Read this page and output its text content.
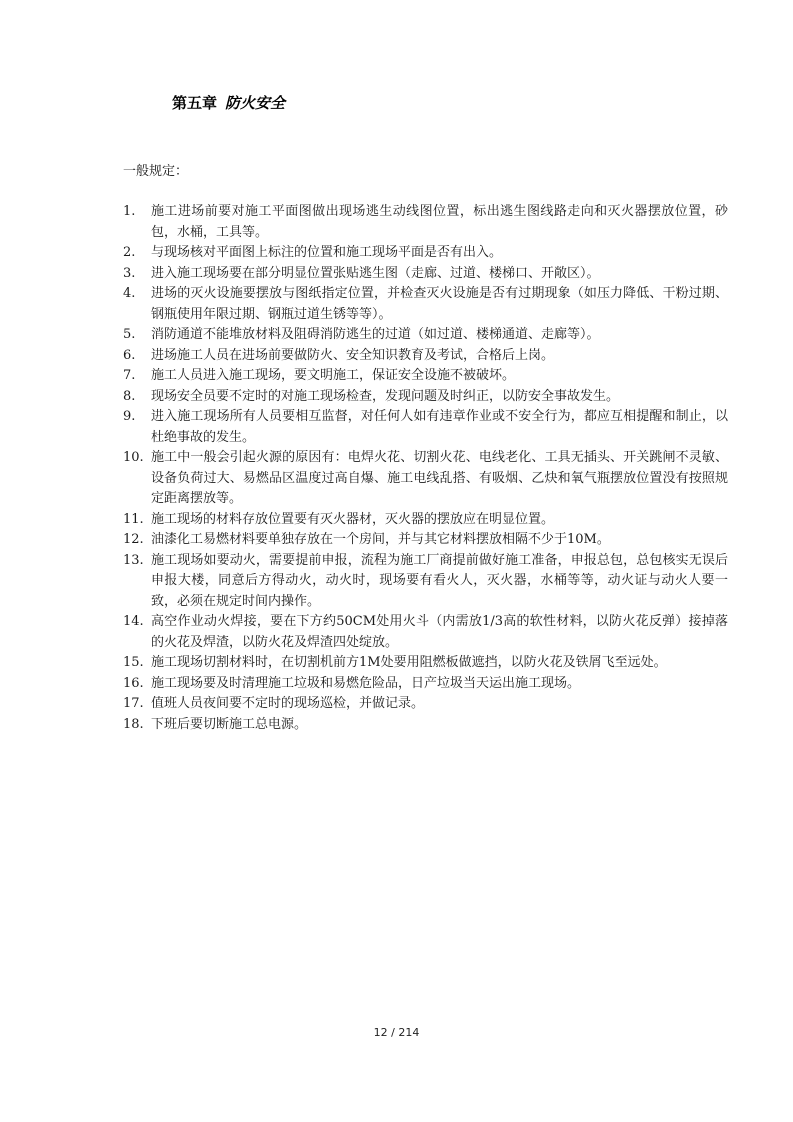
第五章 防火安全
一般规定：
1.	施工进场前要对施工平面图做出现场逃生动线图位置，标出逃生图线路走向和灭火器摆放位置，砂包，水桶，工具等。
2.	与现场核对平面图上标注的位置和施工现场平面是否有出入。
3.	进入施工现场要在部分明显位置张贴逃生图（走廊、过道、楼梯口、开敞区）。
4.	进场的灭火设施要摆放与图纸指定位置，并检查灭火设施是否有过期现象（如压力降低、干粉过期、钢瓶使用年限过期、钢瓶过道生锈等等）。
5.	消防通道不能堆放材料及阻碍消防逃生的过道（如过道、楼梯通道、走廊等）。
6.	进场施工人员在进场前要做防火、安全知识教育及考试，合格后上岗。
7.	施工人员进入施工现场，要文明施工，保证安全设施不被破坏。
8.	现场安全员要不定时的对施工现场检查，发现问题及时纠正，以防安全事故发生。
9.	进入施工现场所有人员要相互监督，对任何人如有违章作业或不安全行为，都应互相提醒和制止，以杜绝事故的发生。
10. 施工中一般会引起火源的原因有：电焊火花、切割火花、电线老化、工具无插头、开关跳闸不灵敏、设备负荷过大、易燃品区温度过高自爆、施工电线乱搭、有吸烟、乙炔和氧气瓶摆放位置没有按照规定距离摆放等。
11. 施工现场的材料存放位置要有灭火器材，灭火器的摆放应在明显位置。
12. 油漆化工易燃材料要单独存放在一个房间，并与其它材料摆放相隔不少于10M。
13. 施工现场如要动火，需要提前申报，流程为施工厂商提前做好施工准备，申报总包，总包核实无误后申报大楼，同意后方得动火，动火时，现场要有看火人，灭火器，水桶等等，动火证与动火人要一致，必须在规定时间内操作。
14. 高空作业动火焊接，要在下方约50CM处用火斗（内需放1/3高的软性材料，以防火花反弹）接掉落的火花及焊渣，以防火花及焊渣四处绽放。
15. 施工现场切割材料时，在切割机前方1M处要用阻燃板做遮挡，以防火花及铁屑飞至远处。
16. 施工现场要及时清理施工垃圾和易燃危险品，日产垃圾当天运出施工现场。
17. 值班人员夜间要不定时的现场巡检，并做记录。
18. 下班后要切断施工总电源。
12 / 214
